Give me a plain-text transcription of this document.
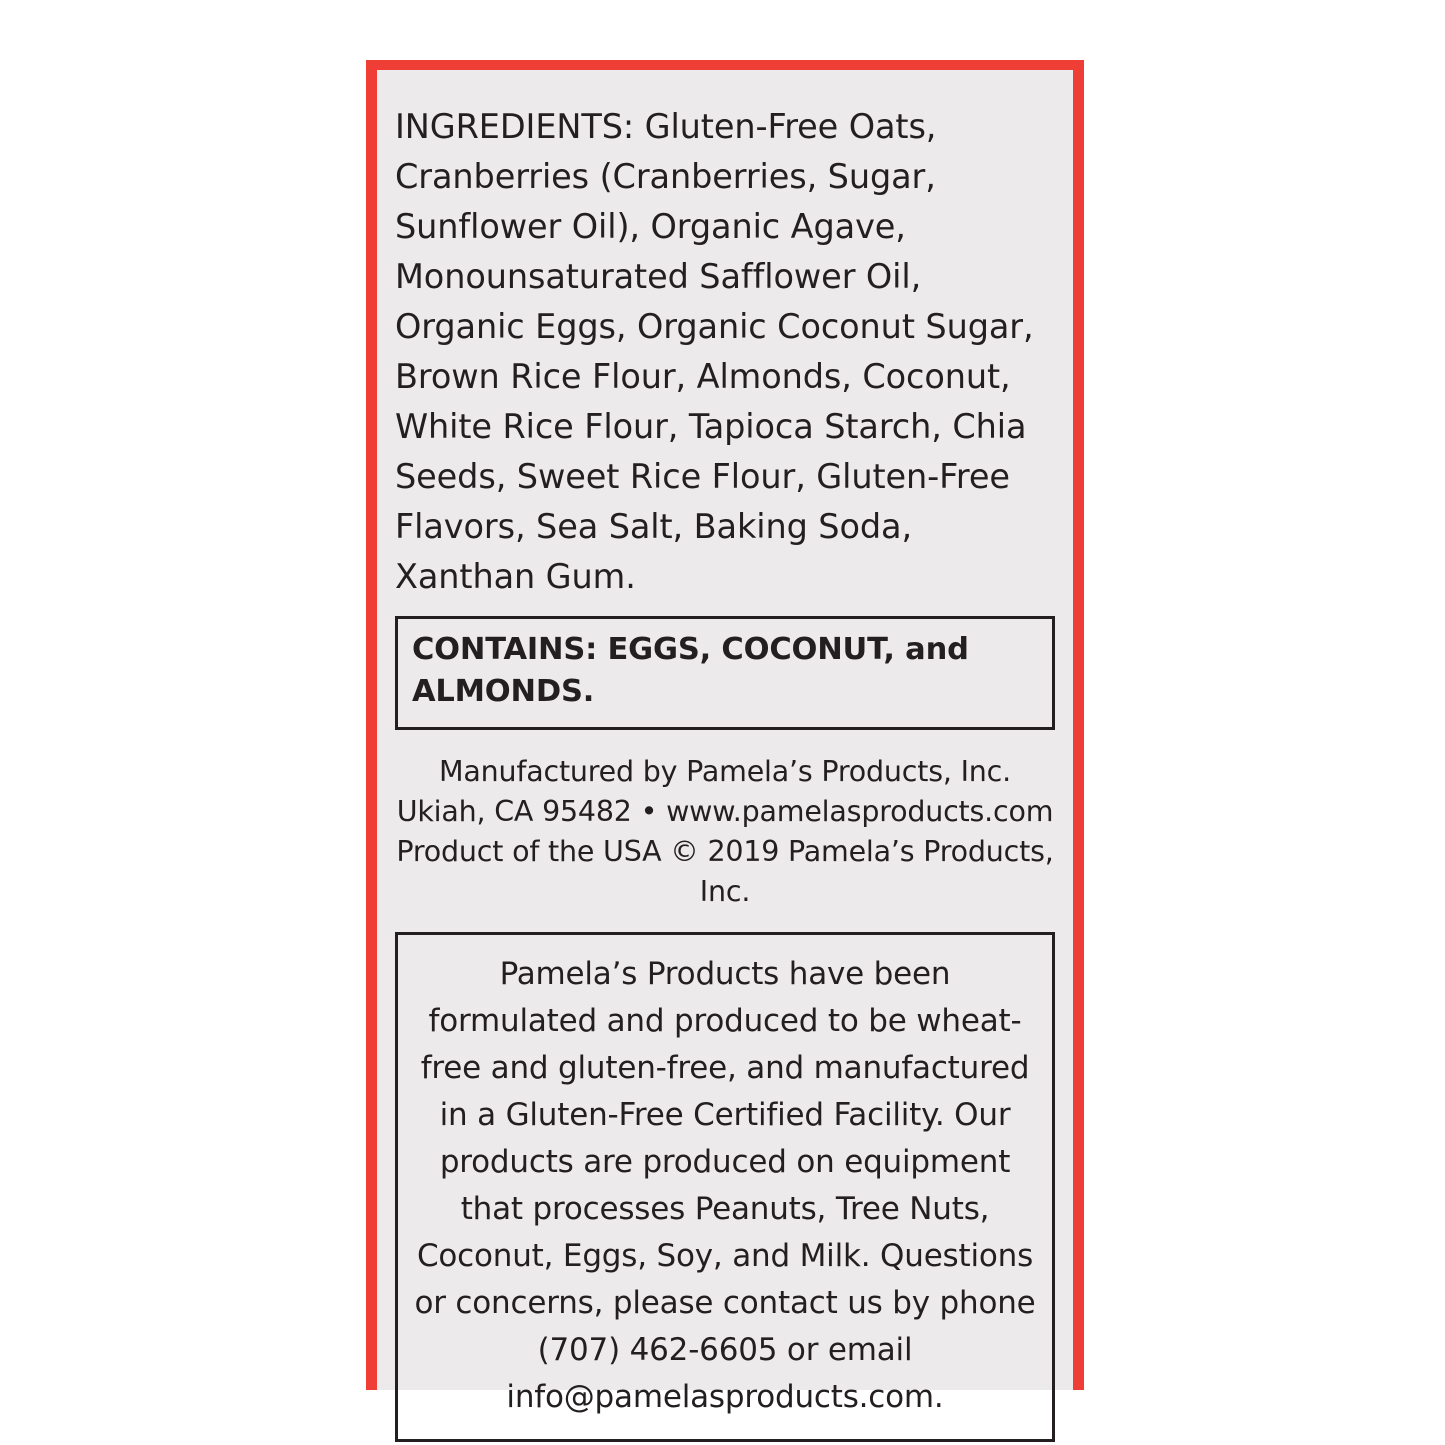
INGREDIENTS: Gluten-Free Oats, Cranberries (Cranberries, Sugar, Sunflower Oil), Organic Agave, Monounsaturated Safflower Oil, Organic Eggs, Organic Coconut Sugar, Brown Rice Flour, Almonds, Coconut, White Rice Flour, Tapioca Starch, Chia Seeds, Sweet Rice Flour, Gluten-Free Flavors, Sea Salt, Baking Soda, Xanthan Gum.

CONTAINS: EGGS, COCONUT, and ALMONDS.
Manufactured by Pamela’s Products, Inc.
Ukiah, CA 95482 • www.pamelasproducts.com
Product of the USA © 2019 Pamela’s Products, Inc.

Pamela’s Products have been formulated and produced to be wheat-free and gluten-free, and manufactured in a Gluten-Free Certified Facility. Our products are produced on equipment that processes Peanuts, Tree Nuts, Coconut, Eggs, Soy, and Milk. Questions or concerns, please contact us by phone (707) 462-6605 or email info@pamelasproducts.com.
